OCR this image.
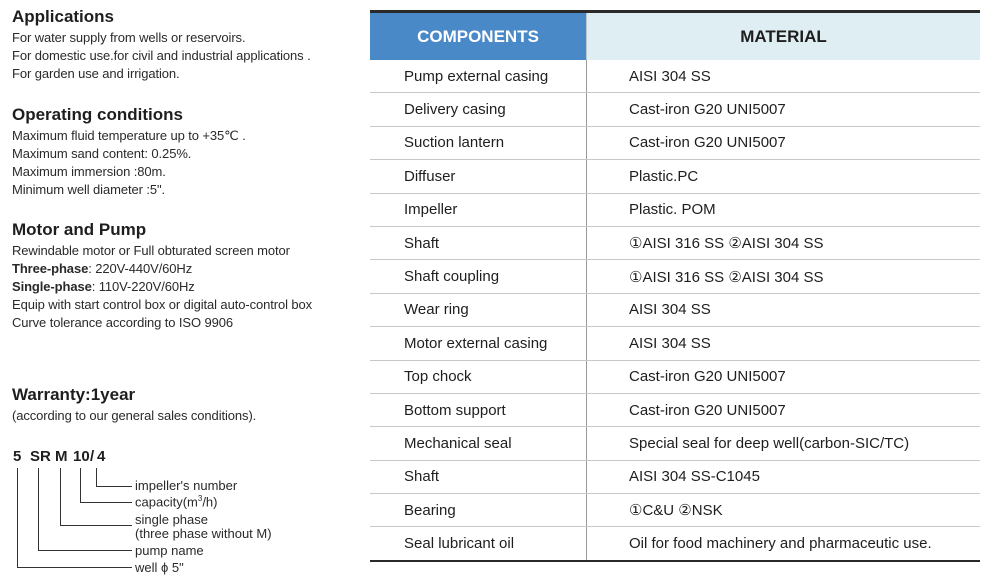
Applications
For water supply from wells or reservoirs.
For domestic use.for civil and industrial applications .
For garden use and irrigation.
Operating conditions
Maximum fluid temperature up to +35℃ .
Maximum sand content: 0.25%.
Maximum immersion :80m.
Minimum well diameter :5".
Motor and Pump
Rewindable motor or Full obturated screen motor
Three-phase: 220V-440V/60Hz
Single-phase: 110V-220V/60Hz
Equip with start control box or digital auto-control box
Curve tolerance according to ISO 9906
Warranty:1year
(according to our general sales conditions).
5 SR M 10 / 4
impeller's number
$capacity(m^3/h)$
single phase
(three phase without M)
pump name
well ϕ 5"
COMPONENTS	MATERIAL
Pump external casing	AISI 304 SS
Delivery casing	Cast-iron G20 UNI5007
Suction lantern	Cast-iron G20 UNI5007
Diffuser	Plastic.PC
Impeller	Plastic. POM
Shaft	①AISI 316 SS ②AISI 304 SS
Shaft coupling	①AISI 316 SS ②AISI 304 SS
Wear ring	AISI 304 SS
Motor external casing	AISI 304 SS
Top chock	Cast-iron G20 UNI5007
Bottom support	Cast-iron G20 UNI5007
Mechanical seal	Special seal for deep well(carbon-SIC/TC)
Shaft	AISI 304 SS-C1045
Bearing	①C&U ②NSK
Seal lubricant oil	Oil for food machinery and pharmaceutic use.
